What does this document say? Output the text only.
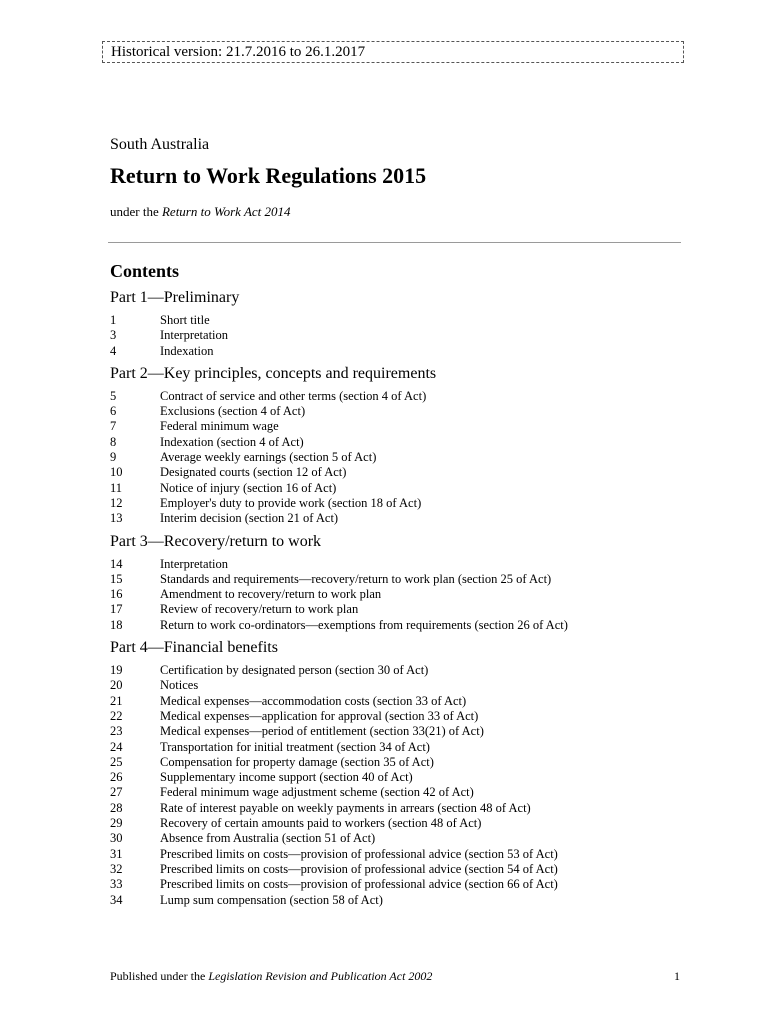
Historical version: 21.7.2016 to 26.1.2017
South Australia
Return to Work Regulations 2015
under the Return to Work Act 2014
Contents
Part 1—Preliminary
1	Short title
3	Interpretation
4	Indexation
Part 2—Key principles, concepts and requirements
5	Contract of service and other terms (section 4 of Act)
6	Exclusions (section 4 of Act)
7	Federal minimum wage
8	Indexation (section 4 of Act)
9	Average weekly earnings (section 5 of Act)
10	Designated courts (section 12 of Act)
11	Notice of injury (section 16 of Act)
12	Employer's duty to provide work (section 18 of Act)
13	Interim decision (section 21 of Act)
Part 3—Recovery/return to work
14	Interpretation
15	Standards and requirements—recovery/return to work plan (section 25 of Act)
16	Amendment to recovery/return to work plan
17	Review of recovery/return to work plan
18	Return to work co-ordinators—exemptions from requirements (section 26 of Act)
Part 4—Financial benefits
19	Certification by designated person (section 30 of Act)
20	Notices
21	Medical expenses—accommodation costs (section 33 of Act)
22	Medical expenses—application for approval (section 33 of Act)
23	Medical expenses—period of entitlement (section 33(21) of Act)
24	Transportation for initial treatment (section 34 of Act)
25	Compensation for property damage (section 35 of Act)
26	Supplementary income support (section 40 of Act)
27	Federal minimum wage adjustment scheme (section 42 of Act)
28	Rate of interest payable on weekly payments in arrears (section 48 of Act)
29	Recovery of certain amounts paid to workers (section 48 of Act)
30	Absence from Australia (section 51 of Act)
31	Prescribed limits on costs—provision of professional advice (section 53 of Act)
32	Prescribed limits on costs—provision of professional advice (section 54 of Act)
33	Prescribed limits on costs—provision of professional advice (section 66 of Act)
34	Lump sum compensation (section 58 of Act)
Published under the Legislation Revision and Publication Act 2002	1
